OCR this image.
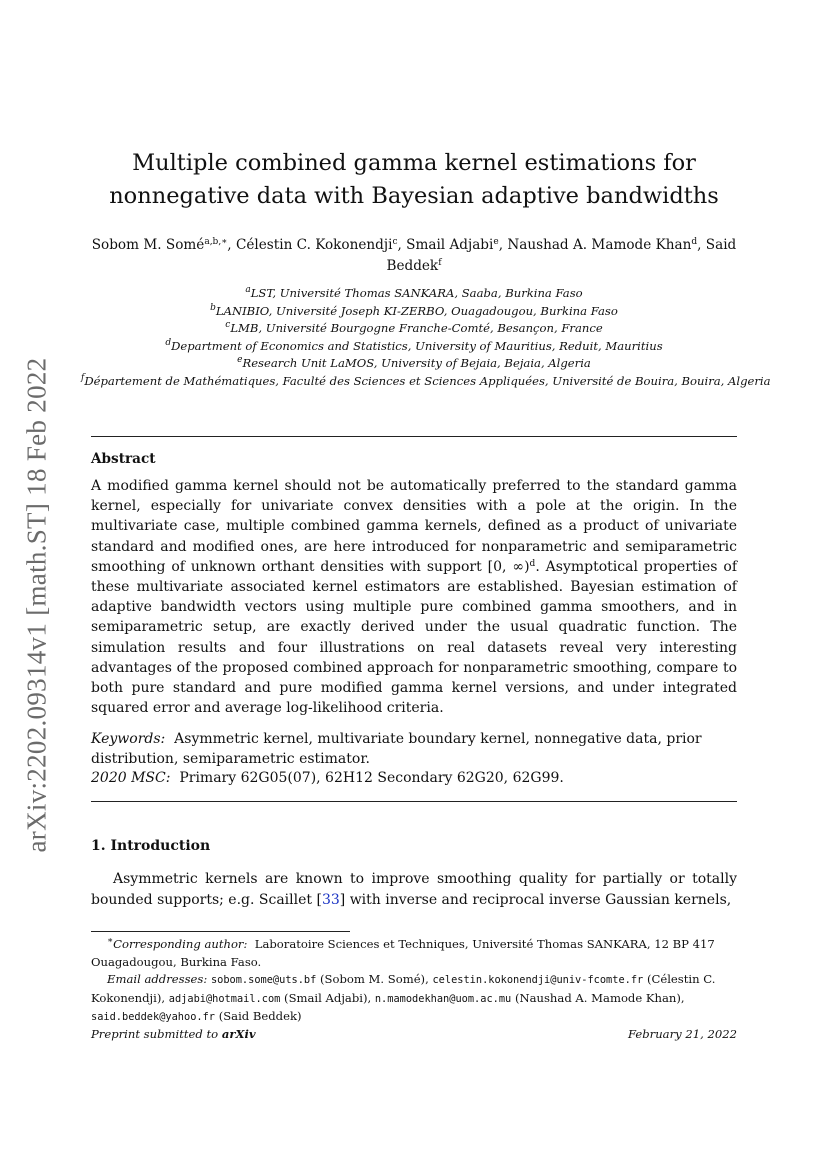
arXiv:2202.09314v1 [math.ST] 18 Feb 2022
Multiple combined gamma kernel estimations for
nonnegative data with Bayesian adaptive bandwidths
Sobom M. Somé$^{a,b,∗}$, Célestin C. Kokonendji$^c$, Smail Adjabi$^e$, Naushad A. Mamode Khan$^d$, Said Beddek$^f$
$^a$LST, Université Thomas SANKARA, Saaba, Burkina Faso
$^b$LANIBIO, Université Joseph KI-ZERBO, Ouagadougou, Burkina Faso
$^c$LMB, Université Bourgogne Franche-Comté, Besançon, France
$^d$Department of Economics and Statistics, University of Mauritius, Reduit, Mauritius
$^e$Research Unit LaMOS, University of Bejaia, Bejaia, Algeria
$^f$Département de Mathématiques, Faculté des Sciences et Sciences Appliquées, Université de Bouira, Bouira, Algeria
Abstract
A modified gamma kernel should not be automatically preferred to the standard gamma kernel, especially for univariate convex densities with a pole at the origin. In the multivariate case, multiple combined gamma kernels, defined as a product of univariate standard and modified ones, are here introduced for nonparametric and semiparametric smoothing of unknown orthant densities with support [0, ∞)$^d$. Asymptotical properties of these multivariate associated kernel estimators are established. Bayesian estimation of adaptive bandwidth vectors using multiple pure combined gamma smoothers, and in semiparametric setup, are exactly derived under the usual quadratic function. The simulation results and four illustrations on real datasets reveal very interesting advantages of the proposed combined approach for nonparametric smoothing, compare to both pure standard and pure modified gamma kernel versions, and under integrated squared error and average log-likelihood criteria.
Keywords: Asymmetric kernel, multivariate boundary kernel, nonnegative data, prior distribution, semiparametric estimator.
2020 MSC: Primary 62G05(07), 62H12 Secondary 62G20, 62G99.
1. Introduction
Asymmetric kernels are known to improve smoothing quality for partially or totally bounded supports; e.g. Scaillet [33] with inverse and reciprocal inverse Gaussian kernels,

∗Corresponding author: Laboratoire Sciences et Techniques, Université Thomas SANKARA, 12 BP 417 Ouagadougou, Burkina Faso.

Email addresses: sobom.some@uts.bf (Sobom M. Somé), celestin.kokonendji@univ-fcomte.fr (Célestin C. Kokonendji), adjabi@hotmail.com (Smail Adjabi), n.mamodekhan@uom.ac.mu (Naushad A. Mamode Khan), said.beddek@yahoo.fr (Said Beddek)

Preprint submitted to arXiv	February 21, 2022
